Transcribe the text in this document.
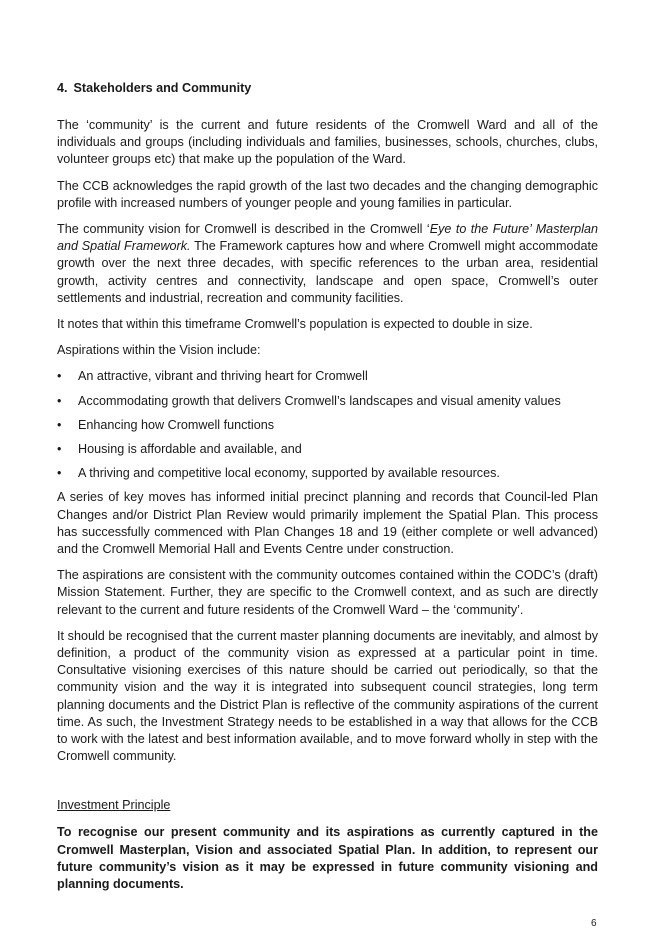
4. Stakeholders and Community

The ‘community’ is the current and future residents of the Cromwell Ward and all of the individuals and groups (including individuals and families, businesses, schools, churches, clubs, volunteer groups etc) that make up the population of the Ward.

The CCB acknowledges the rapid growth of the last two decades and the changing demographic profile with increased numbers of younger people and young families in particular.

The community vision for Cromwell is described in the Cromwell ‘Eye to the Future’ Masterplan and Spatial Framework. The Framework captures how and where Cromwell might accommodate growth over the next three decades, with specific references to the urban area, residential growth, activity centres and connectivity, landscape and open space, Cromwell’s outer settlements and industrial, recreation and community facilities.

It notes that within this timeframe Cromwell’s population is expected to double in size.

Aspirations within the Vision include:

• An attractive, vibrant and thriving heart for Cromwell
• Accommodating growth that delivers Cromwell’s landscapes and visual amenity values
• Enhancing how Cromwell functions
• Housing is affordable and available, and
• A thriving and competitive local economy, supported by available resources.

A series of key moves has informed initial precinct planning and records that Council-led Plan Changes and/or District Plan Review would primarily implement the Spatial Plan. This process has successfully commenced with Plan Changes 18 and 19 (either complete or well advanced) and the Cromwell Memorial Hall and Events Centre under construction.

The aspirations are consistent with the community outcomes contained within the CODC’s (draft) Mission Statement. Further, they are specific to the Cromwell context, and as such are directly relevant to the current and future residents of the Cromwell Ward – the ‘community’.

It should be recognised that the current master planning documents are inevitably, and almost by definition, a product of the community vision as expressed at a particular point in time. Consultative visioning exercises of this nature should be carried out periodically, so that the community vision and the way it is integrated into subsequent council strategies, long term planning documents and the District Plan is reflective of the community aspirations of the current time. As such, the Investment Strategy needs to be established in a way that allows for the CCB to work with the latest and best information available, and to move forward wholly in step with the Cromwell community.

Investment Principle

To recognise our present community and its aspirations as currently captured in the Cromwell Masterplan, Vision and associated Spatial Plan. In addition, to represent our future community’s vision as it may be expressed in future community visioning and planning documents.

6
